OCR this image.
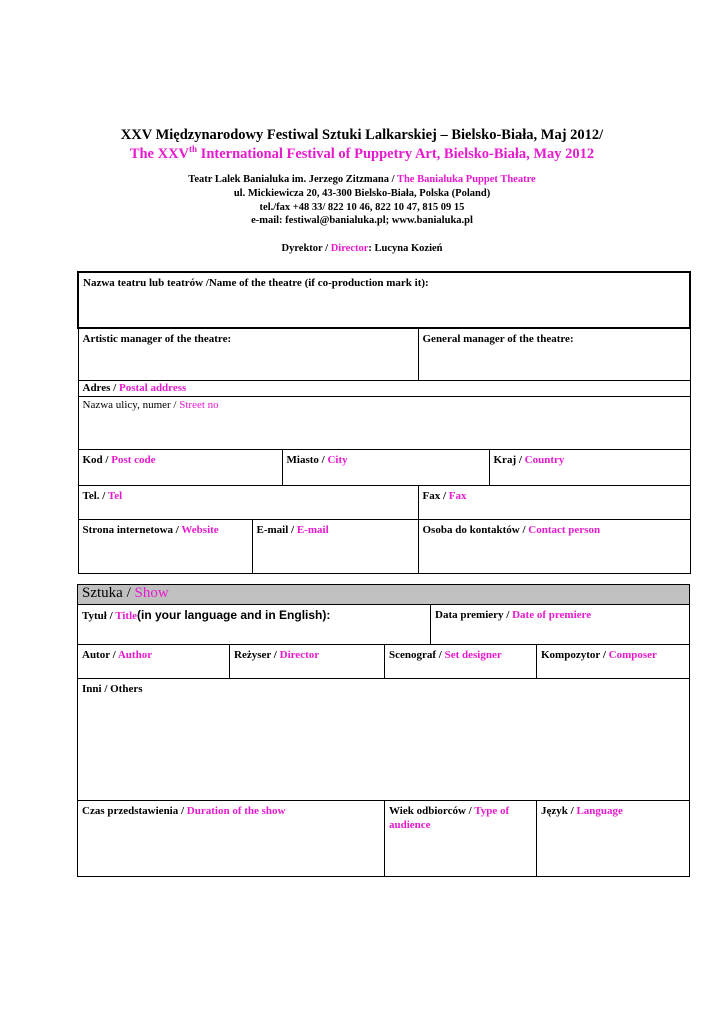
XXV Międzynarodowy Festiwal Sztuki Lalkarskiej – Bielsko-Biała, Maj 2012/
The XXVth International Festival of Puppetry Art, Bielsko-Biała, May 2012
Teatr Lalek Banialuka im. Jerzego Zitzmana / The Banialuka Puppet Theatre
ul. Mickiewicza 20, 43-300 Bielsko-Biała, Polska (Poland)
tel./fax +48 33/ 822 10 46, 822 10 47, 815 09 15
e-mail: festiwal@banialuka.pl; www.banialuka.pl
Dyrektor / Director: Lucyna Kozień
Nazwa teatru lub teatrów /Name of the theatre (if co-production mark it):				
Artistic manager of the theatre:			General manager of the theatre:	
Adres / Postal address				
Nazwa ulicy, numer / Street no				
Kod / Post code		Miasto / City		Kraj / Country
Tel. / Tel			Fax / Fax	
Strona internetowa / Website	E-mail / E-mail		Osoba do kontaktów / Contact person	
Sztuka / Show				
Tytuł / Title(in your language and in English):			Data premiery / Date of premiere	
Autor / Author	Reżyser / Director	Scenograf / Set designer		Kompozytor / Composer
Inni / Others				
Czas przedstawienia / Duration of the show		Wiek odbiorców / Type of audience		Język / Language
